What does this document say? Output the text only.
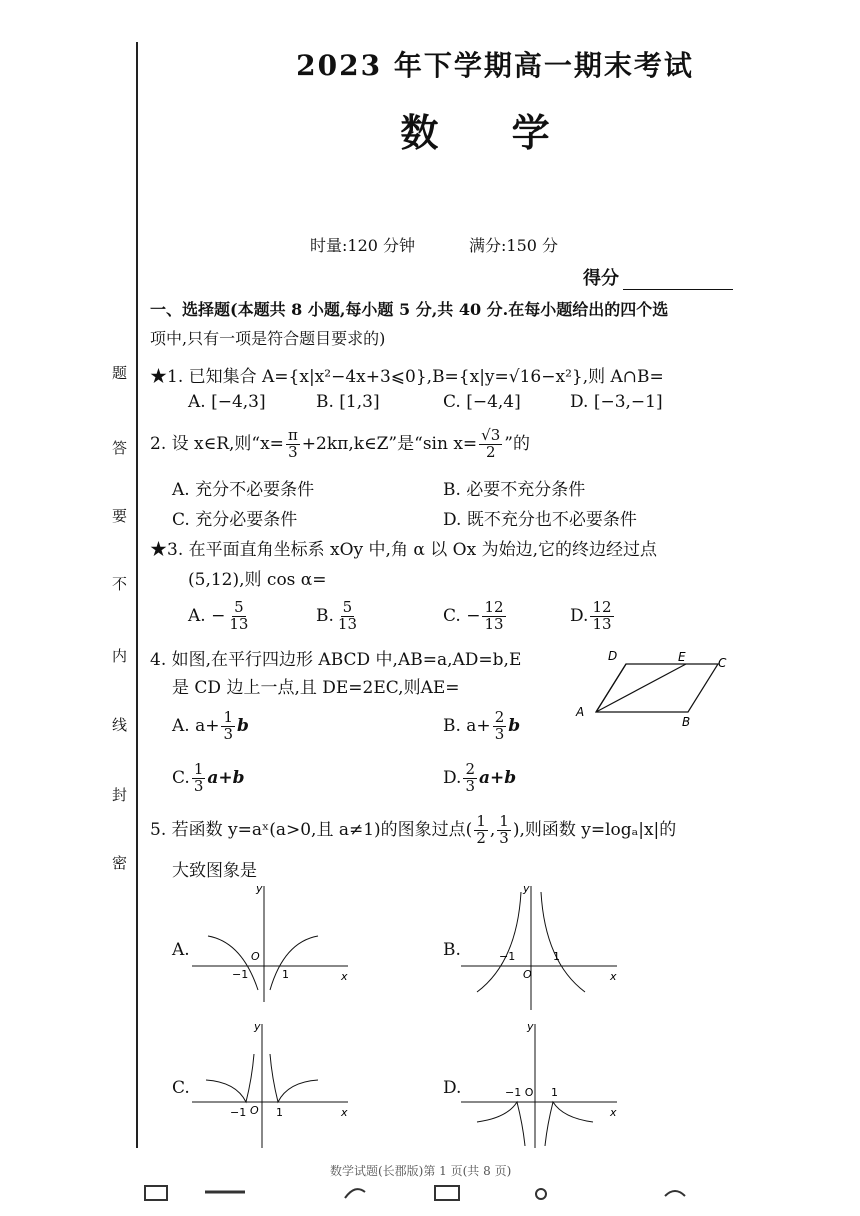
题
答
要
不
内
线
封
密
2023 年下学期高一期末考试
数 学
时量:120 分钟	满分:150 分
得分
一、选择题(本题共 8 小题,每小题 5 分,共 40 分.在每小题给出的四个选
项中,只有一项是符合题目要求的)
★1. 已知集合 A={x|x²−4x+3⩽0},B={x|y=√16−x²},则 A∩B=
A. [−4,3]	B. [1,3]	C. [−4,4]	D. [−3,−1]
2. 设 x∈R,则“$x= \frac{\pi}{3}$ +2kπ,k∈Z”是“sin $x= \frac{√3}{2}$ ”的
A. 充分不必要条件	B. 必要不充分条件
C. 充分必要条件	D. 既不充分也不必要条件
★3. 在平面直角坐标系 xOy 中,角 α 以 Ox 为始边,它的终边经过点
(5,12),则 cos α=
A. − $\frac{5}{13}$	B. $\frac{5}{13}$	C. − $\frac{12}{13}$	D. $\frac{12}{13}$
4. 如图,在平行四边形 ABCD 中,AB=a,AD=b,E
是 CD 边上一点,且 DE=2EC,则AE=
A. $a+ \frac{1}{3}$ b	B. $a+ \frac{2}{3}$ b
C. $\frac{1}{3} a+b$	D. $\frac{2}{3} a+b$
A
B
C
D	E
5. 若函数 y=aˣ(a>0,且 a≠1)的图象过点( $\frac{1}{2}$ , $\frac{1}{3}$ ),则函数 y=logₐ|x|的
大致图象是
A.
x
y
O
−1	1
B.
x
y
−1	1
O
C.
x
y
−1 O 1
D.
x
y
−1 O 1
数学试题(长郡版)第 1 页(共 8 页)
